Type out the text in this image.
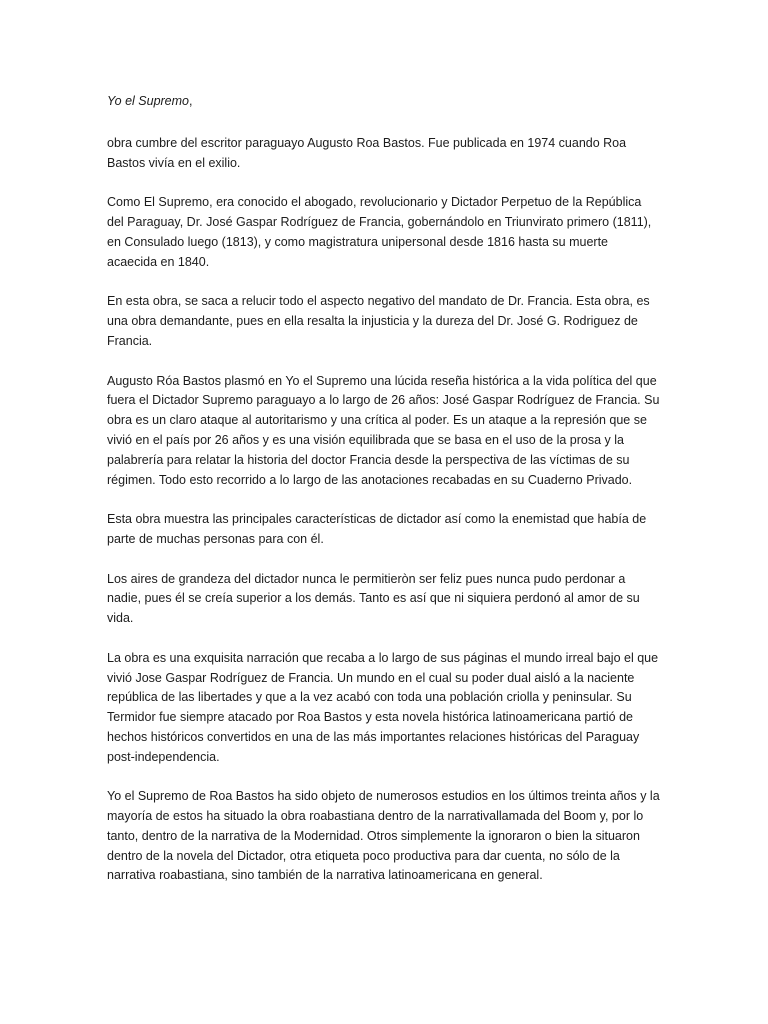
Yo el Supremo,
obra cumbre del escritor paraguayo Augusto Roa Bastos. Fue publicada en 1974 cuando Roa
Bastos vivía en el exilio.
Como El Supremo, era conocido el abogado, revolucionario y Dictador Perpetuo de la República
del Paraguay, Dr. José Gaspar Rodríguez de Francia, gobernándolo en Triunvirato primero (1811),
en Consulado luego (1813), y como magistratura unipersonal desde 1816 hasta su muerte
acaecida en 1840.
En esta obra, se saca a relucir todo el aspecto negativo del mandato de Dr. Francia. Esta obra, es
una obra demandante, pues en ella resalta la injusticia y la dureza del Dr. José G. Rodriguez de
Francia.
Augusto Róa Bastos plasmó en Yo el Supremo una lúcida reseña histórica a la vida política del que
fuera el Dictador Supremo paraguayo a lo largo de 26 años: José Gaspar Rodríguez de Francia. Su
obra es un claro ataque al autoritarismo y una crítica al poder. Es un ataque a la represión que se
vivió en el país por 26 años y es una visión equilibrada que se basa en el uso de la prosa y la
palabrería para relatar la historia del doctor Francia desde la perspectiva de las víctimas de su
régimen. Todo esto recorrido a lo largo de las anotaciones recabadas en su Cuaderno Privado.
Esta obra muestra las principales características de dictador así como la enemistad que había de
parte de muchas personas para con él.
Los aires de grandeza del dictador nunca le permitieròn ser feliz pues nunca pudo perdonar a
nadie, pues él se creía superior a los demás. Tanto es así que ni siquiera perdonó al amor de su
vida.
La obra es una exquisita narración que recaba a lo largo de sus páginas el mundo irreal bajo el que
vivió Jose Gaspar Rodríguez de Francia. Un mundo en el cual su poder dual aisló a la naciente
república de las libertades y que a la vez acabó con toda una población criolla y peninsular. Su
Termidor fue siempre atacado por Roa Bastos y esta novela histórica latinoamericana partió de
hechos históricos convertidos en una de las más importantes relaciones históricas del Paraguay
post-independencia.
Yo el Supremo de Roa Bastos ha sido objeto de numerosos estudios en los últimos treinta años y la
mayoría de estos ha situado la obra roabastiana dentro de la narrativallamada del Boom y, por lo
tanto, dentro de la narrativa de la Modernidad. Otros simplemente la ignoraron o bien la situaron
dentro de la novela del Dictador, otra etiqueta poco productiva para dar cuenta, no sólo de la
narrativa roabastiana, sino también de la narrativa latinoamericana en general.
